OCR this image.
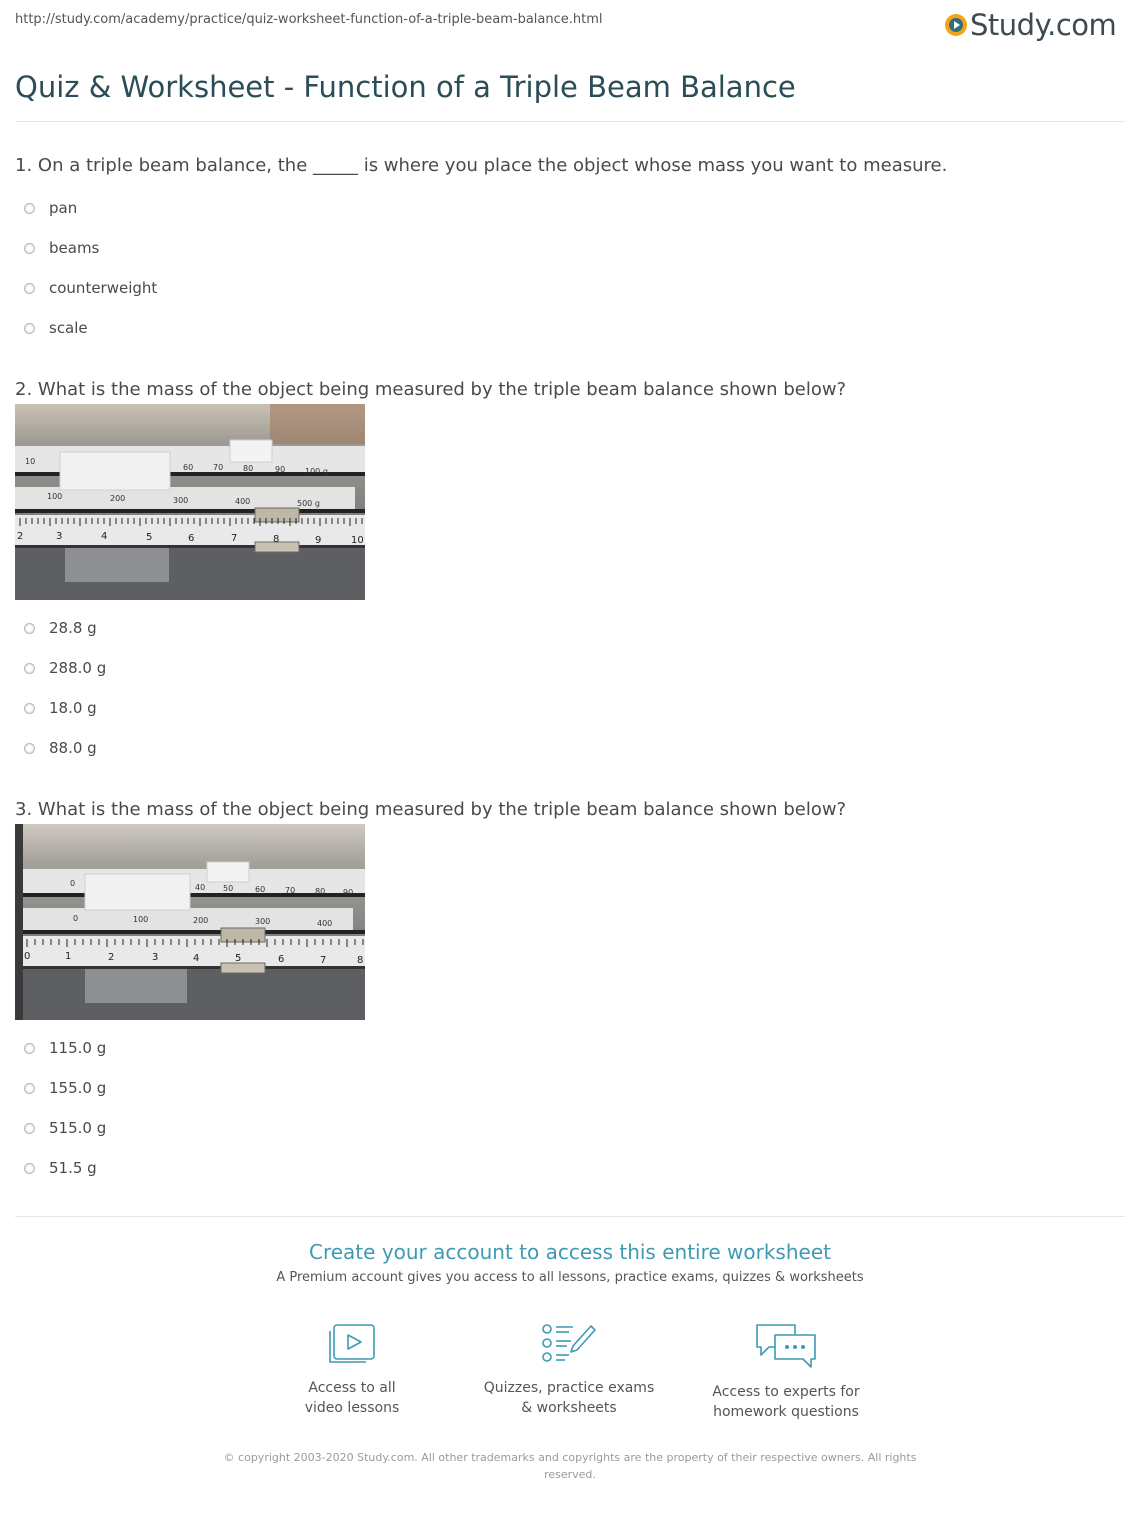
http://study.com/academy/practice/quiz-worksheet-function-of-a-triple-beam-balance.html	Study.com
Quiz & Worksheet - Function of a Triple Beam Balance

1. On a triple beam balance, the _____ is where you place the object whose mass you want to measure.

pan
beams
counterweight
scale

2. What is the mass of the object being measured by the triple beam balance shown below?

10
60 70 80	90 100 g
100	200	300	400	500 g
2	3	4	5	6	7	8	9	10
28.8 g
288.0 g
18.0 g
88.0 g

3. What is the mass of the object being measured by the triple beam balance shown below?

0	40 50	60 70 80 90
0	100	200	300	400
0	1	2	3	4	5	6	7	8
115.0 g
155.0 g
515.0 g
51.5 g
Create your account to access this entire worksheet
A Premium account gives you access to all lessons, practice exams, quizzes & worksheets
Access to all
video lessons
Quizzes, practice exams
& worksheets
Access to experts for
homework questions
© copyright 2003-2020 Study.com. All other trademarks and copyrights are the property of their respective owners. All rights reserved.
